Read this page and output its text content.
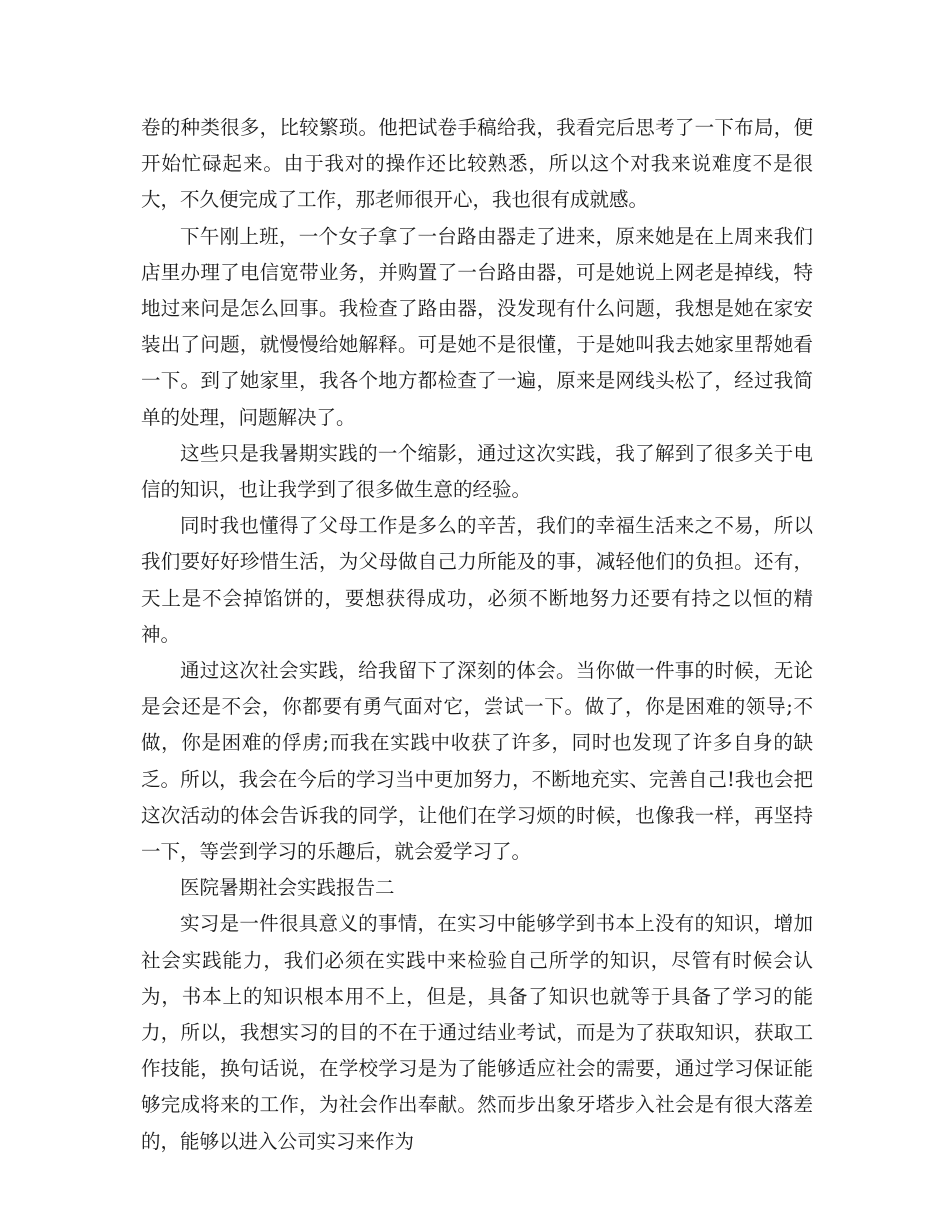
卷的种类很多，比较繁琐。他把试卷手稿给我，我看完后思考了一下布局，便开始忙碌起来。由于我对的操作还比较熟悉，所以这个对我来说难度不是很大，不久便完成了工作，那老师很开心，我也很有成就感。

下午刚上班，一个女子拿了一台路由器走了进来，原来她是在上周来我们店里办理了电信宽带业务，并购置了一台路由器，可是她说上网老是掉线，特地过来问是怎么回事。我检查了路由器，没发现有什么问题，我想是她在家安装出了问题，就慢慢给她解释。可是她不是很懂，于是她叫我去她家里帮她看一下。到了她家里，我各个地方都检查了一遍，原来是网线头松了，经过我简单的处理，问题解决了。

这些只是我暑期实践的一个缩影，通过这次实践，我了解到了很多关于电信的知识，也让我学到了很多做生意的经验。

同时我也懂得了父母工作是多么的辛苦，我们的幸福生活来之不易，所以我们要好好珍惜生活，为父母做自己力所能及的事，减轻他们的负担。还有，天上是不会掉馅饼的，要想获得成功，必须不断地努力还要有持之以恒的精神。

通过这次社会实践，给我留下了深刻的体会。当你做一件事的时候，无论是会还是不会，你都要有勇气面对它，尝试一下。做了，你是困难的领导;不做，你是困难的俘虏;而我在实践中收获了许多，同时也发现了许多自身的缺乏。所以，我会在今后的学习当中更加努力，不断地充实、完善自己!我也会把这次活动的体会告诉我的同学，让他们在学习烦的时候，也像我一样，再坚持一下，等尝到学习的乐趣后，就会爱学习了。

医院暑期社会实践报告二

实习是一件很具意义的事情，在实习中能够学到书本上没有的知识，增加社会实践能力，我们必须在实践中来检验自己所学的知识，尽管有时候会认为，书本上的知识根本用不上，但是，具备了知识也就等于具备了学习的能力，所以，我想实习的目的不在于通过结业考试，而是为了获取知识，获取工作技能，换句话说，在学校学习是为了能够适应社会的需要，通过学习保证能够完成将来的工作，为社会作出奉献。然而步出象牙塔步入社会是有很大落差的，能够以进入公司实习来作为
